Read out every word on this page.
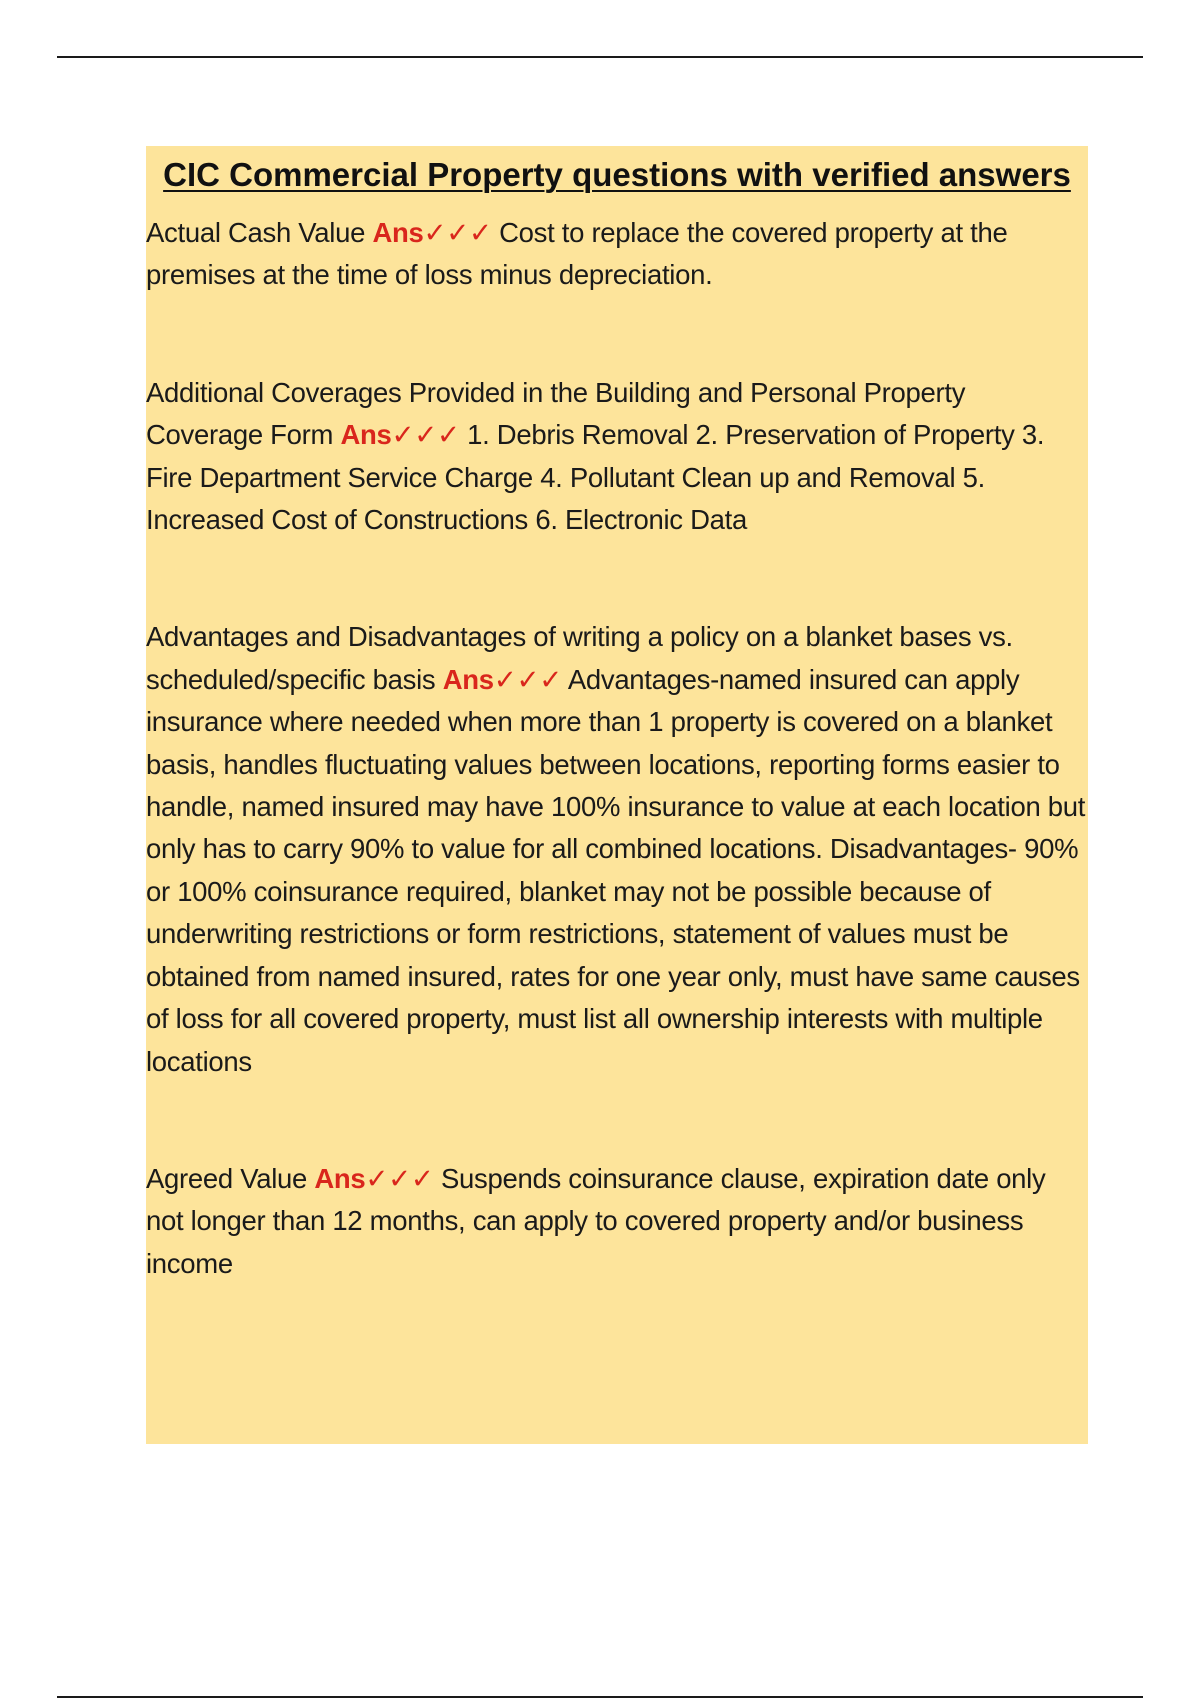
CIC Commercial Property questions with verified answers

Actual Cash Value Ans✓✓✓ Cost to replace the covered property at the premises at the time of loss minus depreciation.

Additional Coverages Provided in the Building and Personal Property Coverage Form Ans✓✓✓ 1. Debris Removal 2. Preservation of Property 3. Fire Department Service Charge 4. Pollutant Clean up and Removal 5. Increased Cost of Constructions 6. Electronic Data

Advantages and Disadvantages of writing a policy on a blanket bases vs. scheduled/specific basis Ans✓✓✓ Advantages-named insured can apply insurance where needed when more than 1 property is covered on a blanket basis, handles fluctuating values between locations, reporting forms easier to handle, named insured may have 100% insurance to value at each location but only has to carry 90% to value for all combined locations. Disadvantages- 90% or 100% coinsurance required, blanket may not be possible because of underwriting restrictions or form restrictions, statement of values must be obtained from named insured, rates for one year only, must have same causes of loss for all covered property, must list all ownership interests with multiple locations

Agreed Value Ans✓✓✓ Suspends coinsurance clause, expiration date only not longer than 12 months, can apply to covered property and/or business income
